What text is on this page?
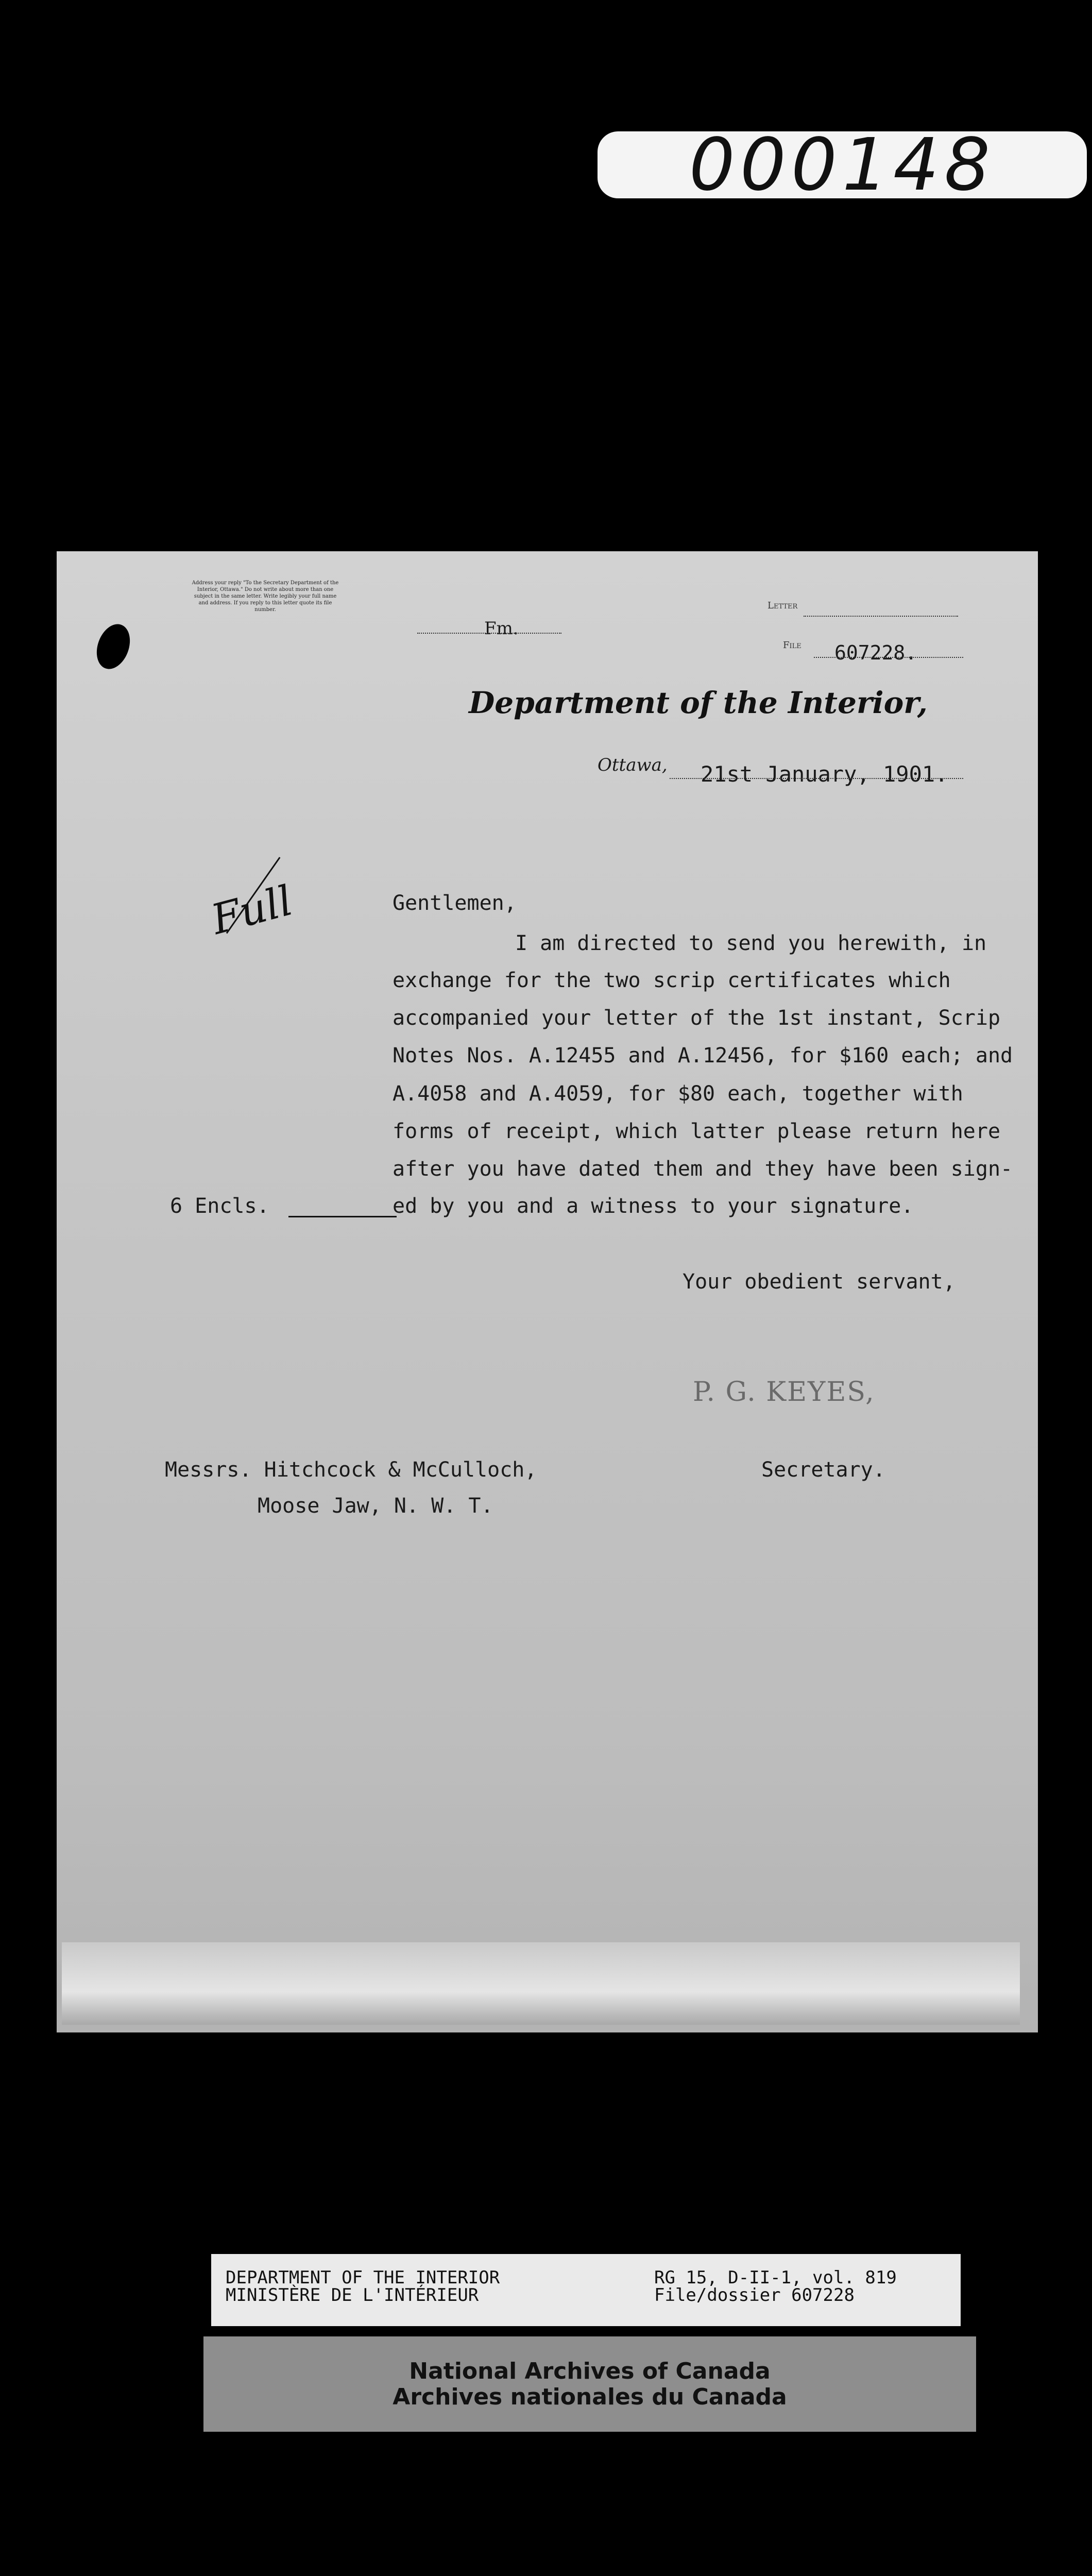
000148
Address your reply "To the Secretary Department of the Interior, Ottawa." Do not write about more than one subject in the same letter. Write legibly your full name and address. If you reply to this letter quote its file number.	Letter
Fm.
File 607228.
Department of the Interior,
Ottawa, 21st January, 1901.
Full	Gentlemen,
I am directed to send you herewith, in
exchange for the two scrip certificates which
accompanied your letter of the 1st instant, Scrip
Notes Nos. A.12455 and A.12456, for $160 each; and
A.4058 and A.4059, for $80 each, together with
forms of receipt, which latter please return here
after you have dated them and they have been sign-
ed by you and a witness to your signature.
6 Encls.
Your obedient servant,
P. G. KEYES,
Messrs. Hitchcock & McCulloch,	Secretary.
Moose Jaw, N. W. T.
DEPARTMENT OF THE INTERIOR
MINISTÈRE DE L'INTÉRIEUR
RG 15, D-II-1, vol. 819
File/dossier 607228
National Archives of Canada
Archives nationales du Canada
